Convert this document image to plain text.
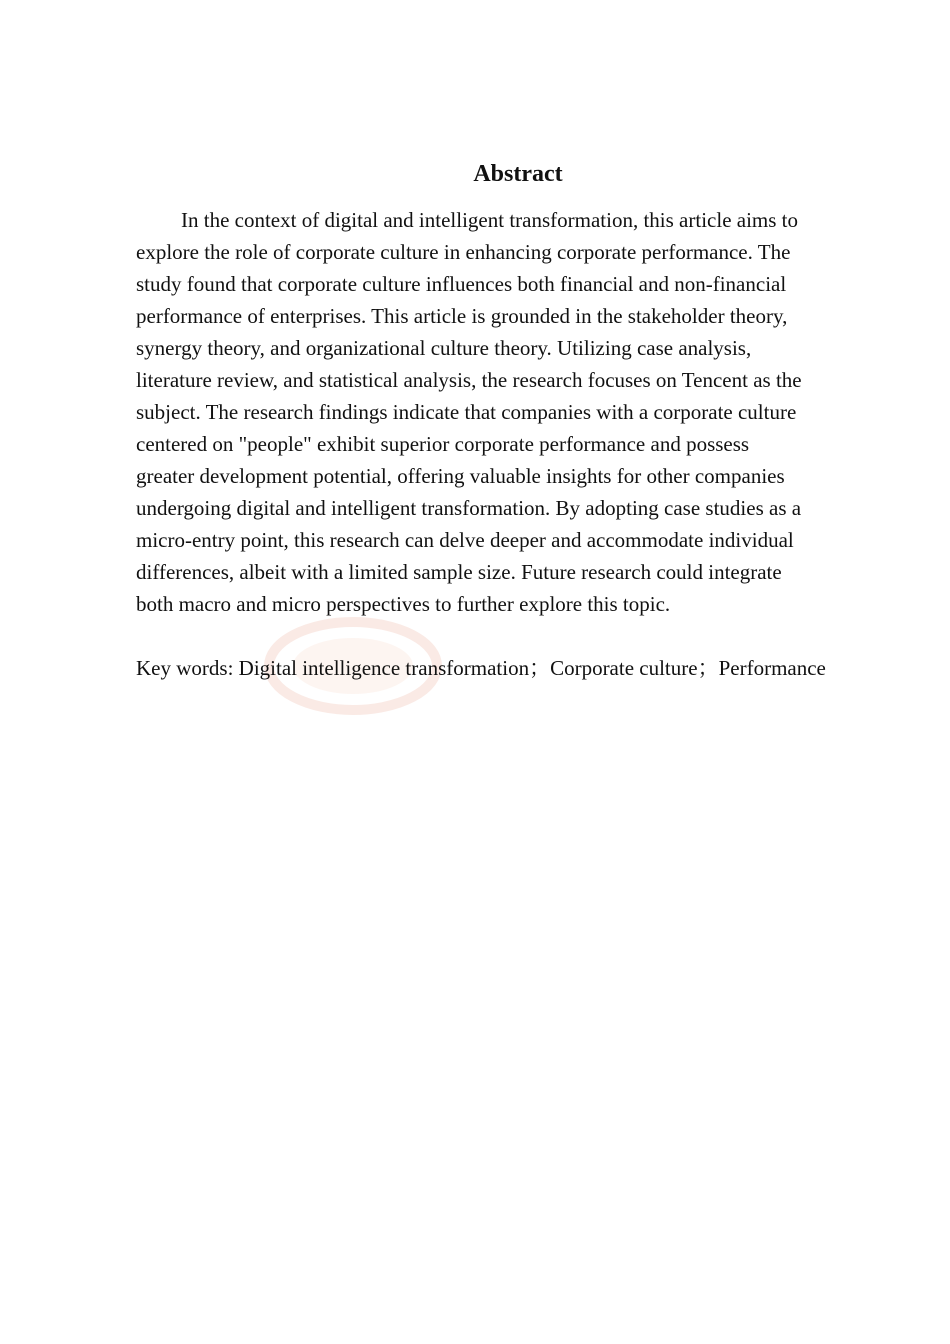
Abstract

In the context of digital and intelligent transformation, this article aims to
explore the role of corporate culture in enhancing corporate performance. The
study found that corporate culture influences both financial and non-financial
performance of enterprises. This article is grounded in the stakeholder theory,
synergy theory, and organizational culture theory. Utilizing case analysis,
literature review, and statistical analysis, the research focuses on Tencent as the
subject. The research findings indicate that companies with a corporate culture
centered on "people" exhibit superior corporate performance and possess
greater development potential, offering valuable insights for other companies
undergoing digital and intelligent transformation. By adopting case studies as a
micro-entry point, this research can delve deeper and accommodate individual
differences, albeit with a limited sample size. Future research could integrate
both macro and micro perspectives to further explore this topic.

Key words: Digital intelligence transformation；Corporate culture；Performance
